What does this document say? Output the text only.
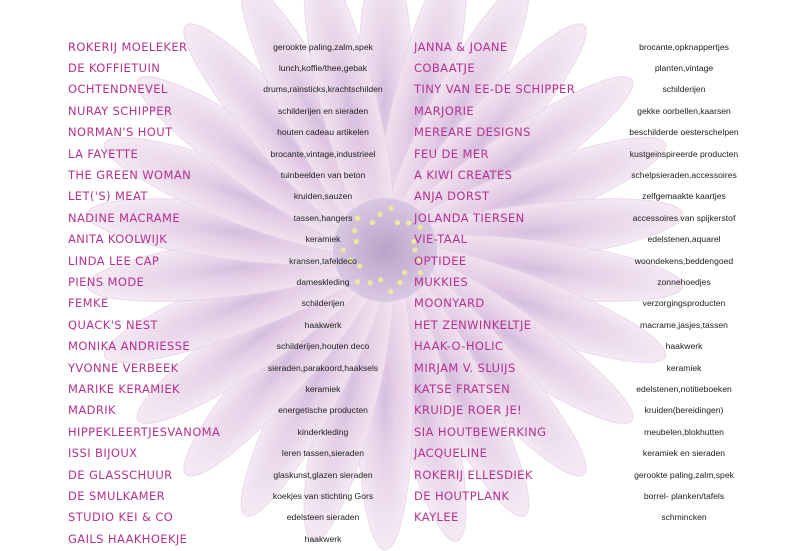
ROKERIJ MOELEKER
DE KOFFIETUIN
OCHTENDNEVEL
NURAY SCHIPPER
NORMAN'S HOUT
LA FAYETTE
THE GREEN WOMAN
LET('S) MEAT
NADINE MACRAME
ANITA KOOLWIJK
LINDA LEE CAP
PIENS MODE
FEMKE
QUACK'S NEST
MONIKA ANDRIESSE
YVONNE VERBEEK
MARIKE KERAMIEK
MADRIK
HIPPEKLEERTJESVANOMA
ISSI BIJOUX
DE GLASSCHUUR
DE SMULKAMER
STUDIO KEI & CO
GAILS HAAKHOEKJE
gerookte paling,zalm,spek
lunch,koffie/thee,gebak
drums,rainsticks,krachtschilden
schilderijen en sieraden
houten cadeau artikelen
brocante,vintage,industrieel
tuinbeelden van beton
kruiden,sauzen
tassen,hangers
keramiek
kransen,tafeldeco
dameskleding
schilderijen
haakwerk
schilderijen,houten deco
sieraden,parakoord,haaksels
keramiek
energetische producten
kinderkleding
leren tassen,sieraden
glaskunst,glazen sieraden
koekjes van stichting Gors
edelsteen sieraden
haakwerk
JANNA & JOANE
COBAATJE
TINY VAN EE-DE SCHIPPER
MARJORIE
MEREARE DESIGNS
FEU DE MER
A KIWI CREATES
ANJA DORST
JOLANDA TIERSEN
VIE-TAAL
OPTIDEE
MUKKIES
MOONYARD
HET ZENWINKELTJE
HAAK-O-HOLIC
MIRJAM V. SLUIJS
KATSE FRATSEN
KRUIDJE ROER JE!
SIA HOUTBEWERKING
JACQUELINE
ROKERIJ ELLESDIEK
DE HOUTPLANK
KAYLEE
brocante,opknappertjes
planten,vintage
schilderijen
gekke oorbellen,kaarsen
beschilderde oesterschelpen
kustgeinspireerde producten
schelpsieraden,accessoires
zelfgemaakte kaartjes
accessoires van spijkerstof
edelstenen,aquarel
woondekens,beddengoed
zonnehoedjes
verzorgingsproducten
macrame,jasjes,tassen
haakwerk
keramiek
edelstenen,notitieboeken
kruiden(bereidingen)
meubelen,blokhutten
keramiek en sieraden
gerookte paling,zalm,spek
borrel- planken/tafels
schmincken
